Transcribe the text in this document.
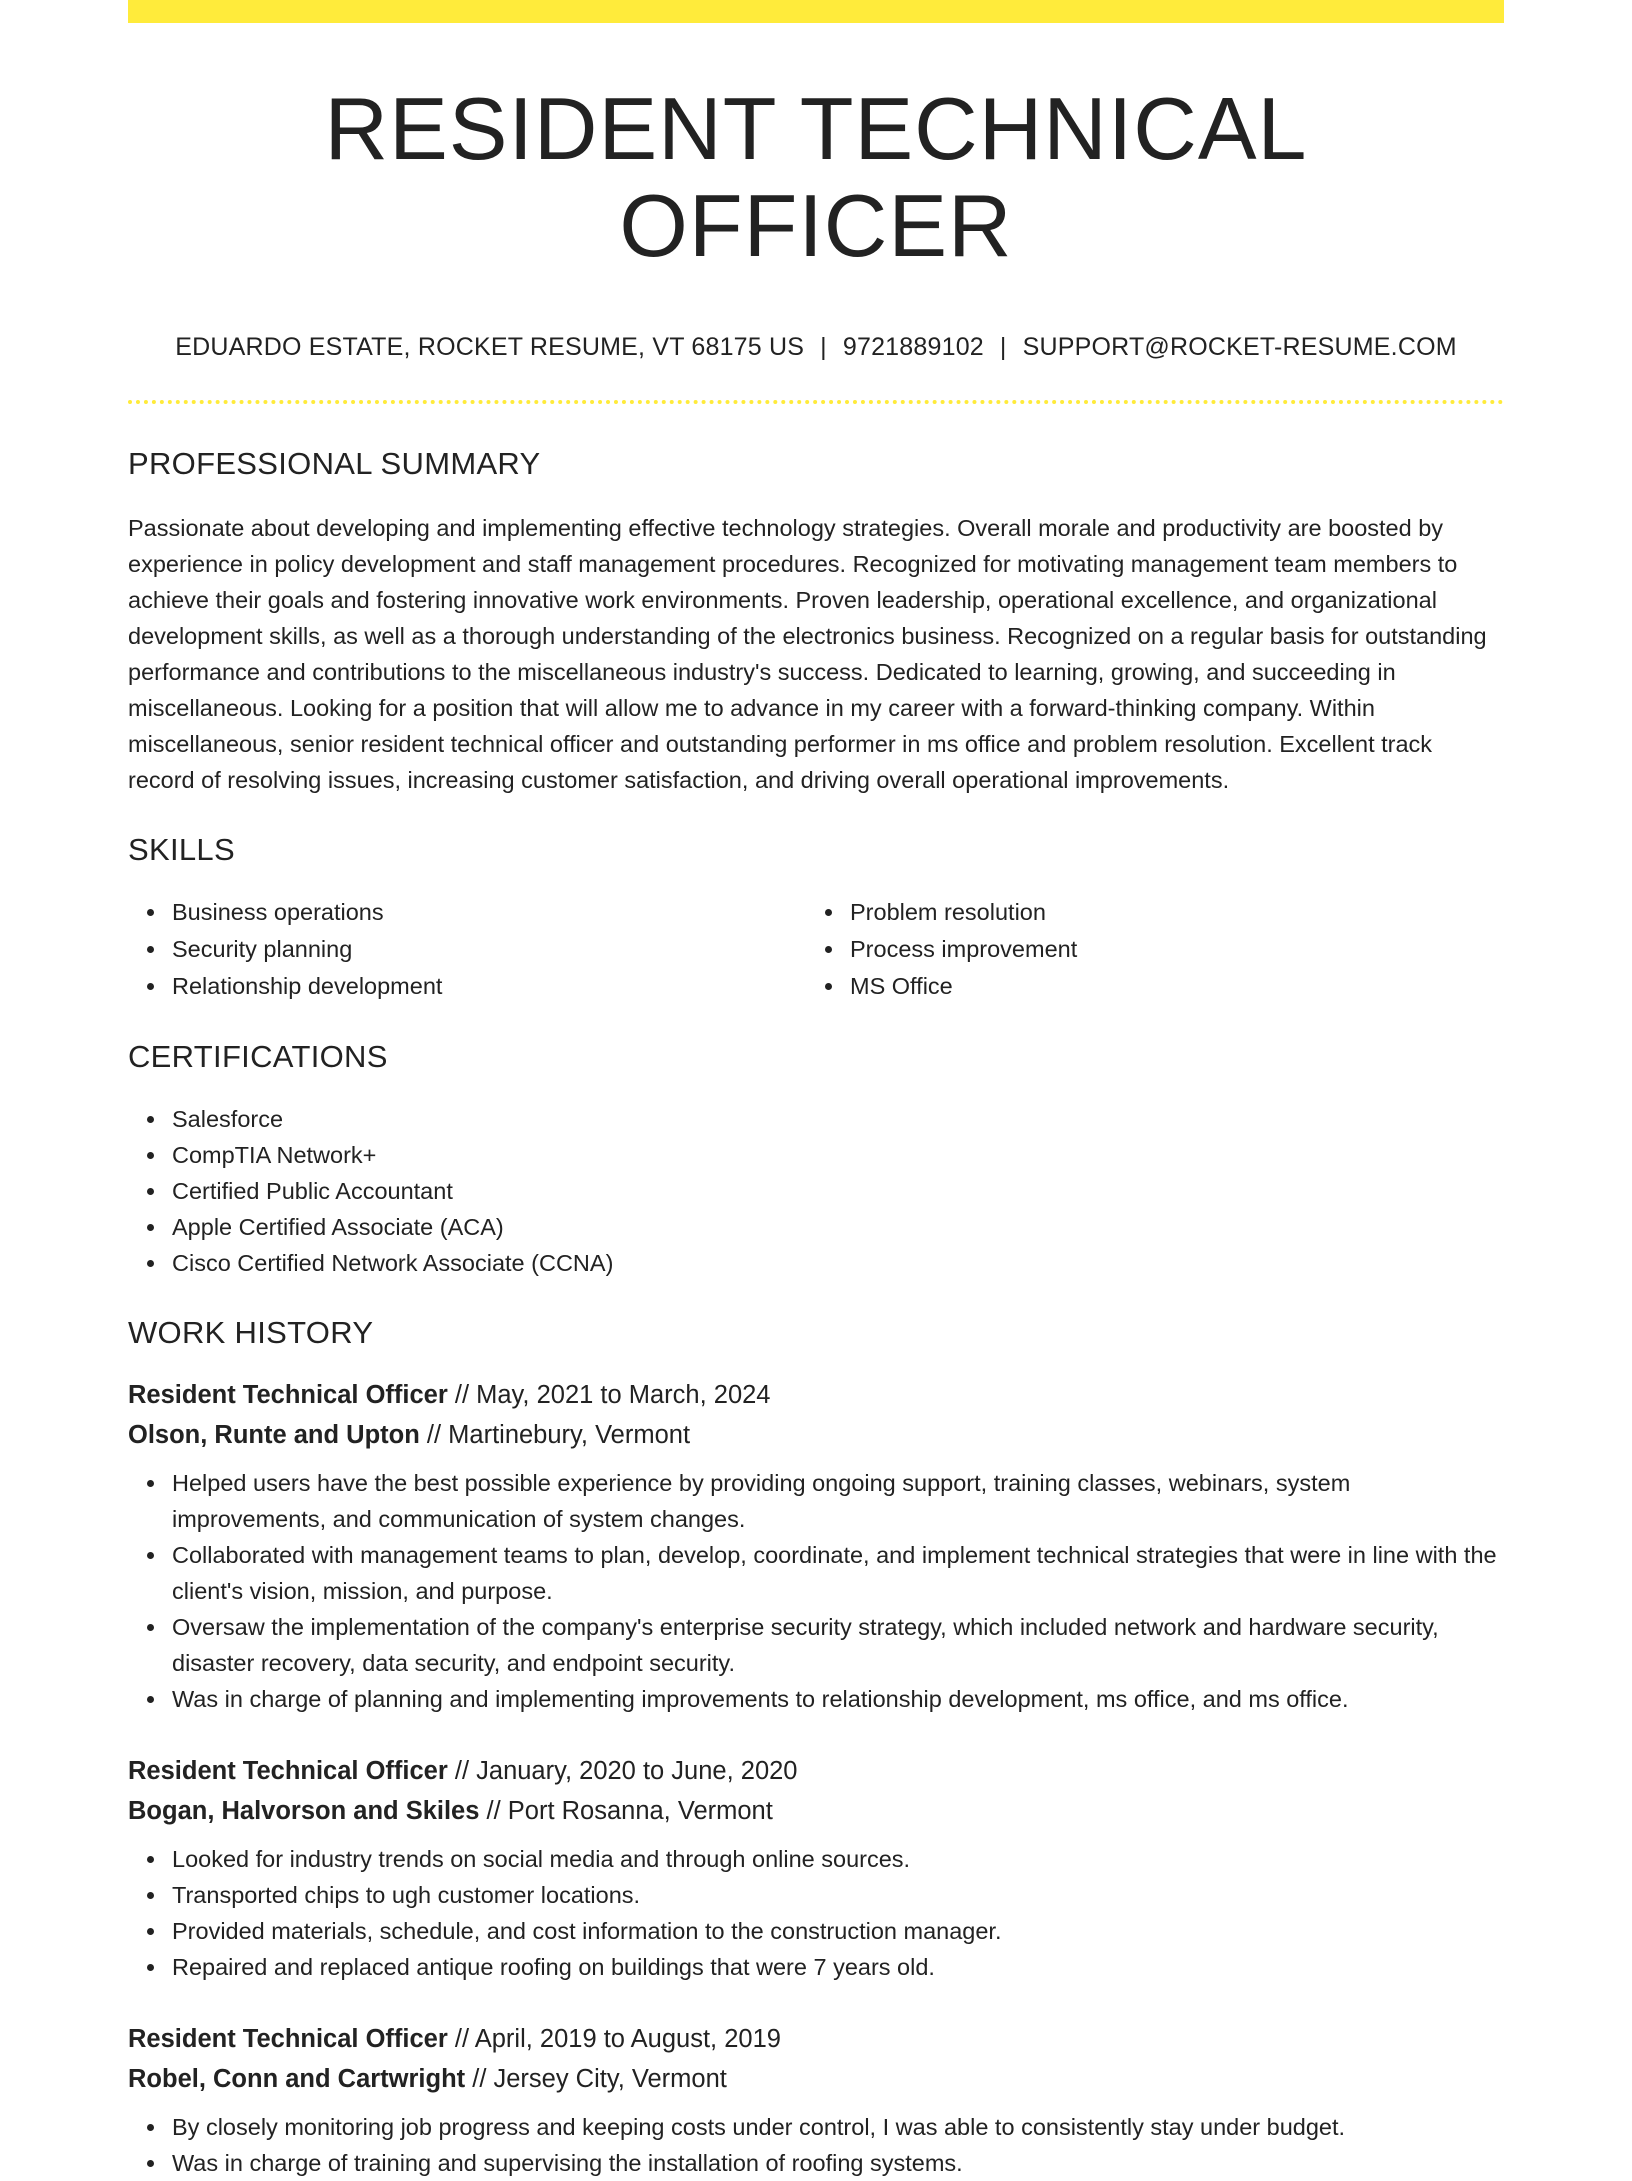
RESIDENT TECHNICAL OFFICER
EDUARDO ESTATE, ROCKET RESUME, VT 68175 US | 9721889102 | SUPPORT@ROCKET-RESUME.COM
PROFESSIONAL SUMMARY

Passionate about developing and implementing effective technology strategies. Overall morale and productivity are boosted by experience in policy development and staff management procedures. Recognized for motivating management team members to achieve their goals and fostering innovative work environments. Proven leadership, operational excellence, and organizational development skills, as well as a thorough understanding of the electronics business. Recognized on a regular basis for outstanding performance and contributions to the miscellaneous industry's success. Dedicated to learning, growing, and succeeding in miscellaneous. Looking for a position that will allow me to advance in my career with a forward-thinking company. Within miscellaneous, senior resident technical officer and outstanding performer in ms office and problem resolution. Excellent track record of resolving issues, increasing customer satisfaction, and driving overall operational improvements.

SKILLS
Business operations
Security planning
Relationship development
Problem resolution
Process improvement
MS Office
CERTIFICATIONS
Salesforce
CompTIA Network+
Certified Public Accountant
Apple Certified Associate (ACA)
Cisco Certified Network Associate (CCNA)
WORK HISTORY
Resident Technical Officer // May, 2021 to March, 2024
Olson, Runte and Upton // Martinebury, Vermont
Helped users have the best possible experience by providing ongoing support, training classes, webinars, system improvements, and communication of system changes.
Collaborated with management teams to plan, develop, coordinate, and implement technical strategies that were in line with the client's vision, mission, and purpose.
Oversaw the implementation of the company's enterprise security strategy, which included network and hardware security, disaster recovery, data security, and endpoint security.
Was in charge of planning and implementing improvements to relationship development, ms office, and ms office.
Resident Technical Officer // January, 2020 to June, 2020
Bogan, Halvorson and Skiles // Port Rosanna, Vermont
Looked for industry trends on social media and through online sources.
Transported chips to ugh customer locations.
Provided materials, schedule, and cost information to the construction manager.
Repaired and replaced antique roofing on buildings that were 7 years old.
Resident Technical Officer // April, 2019 to August, 2019
Robel, Conn and Cartwright // Jersey City, Vermont
By closely monitoring job progress and keeping costs under control, I was able to consistently stay under budget.
Was in charge of training and supervising the installation of roofing systems.
